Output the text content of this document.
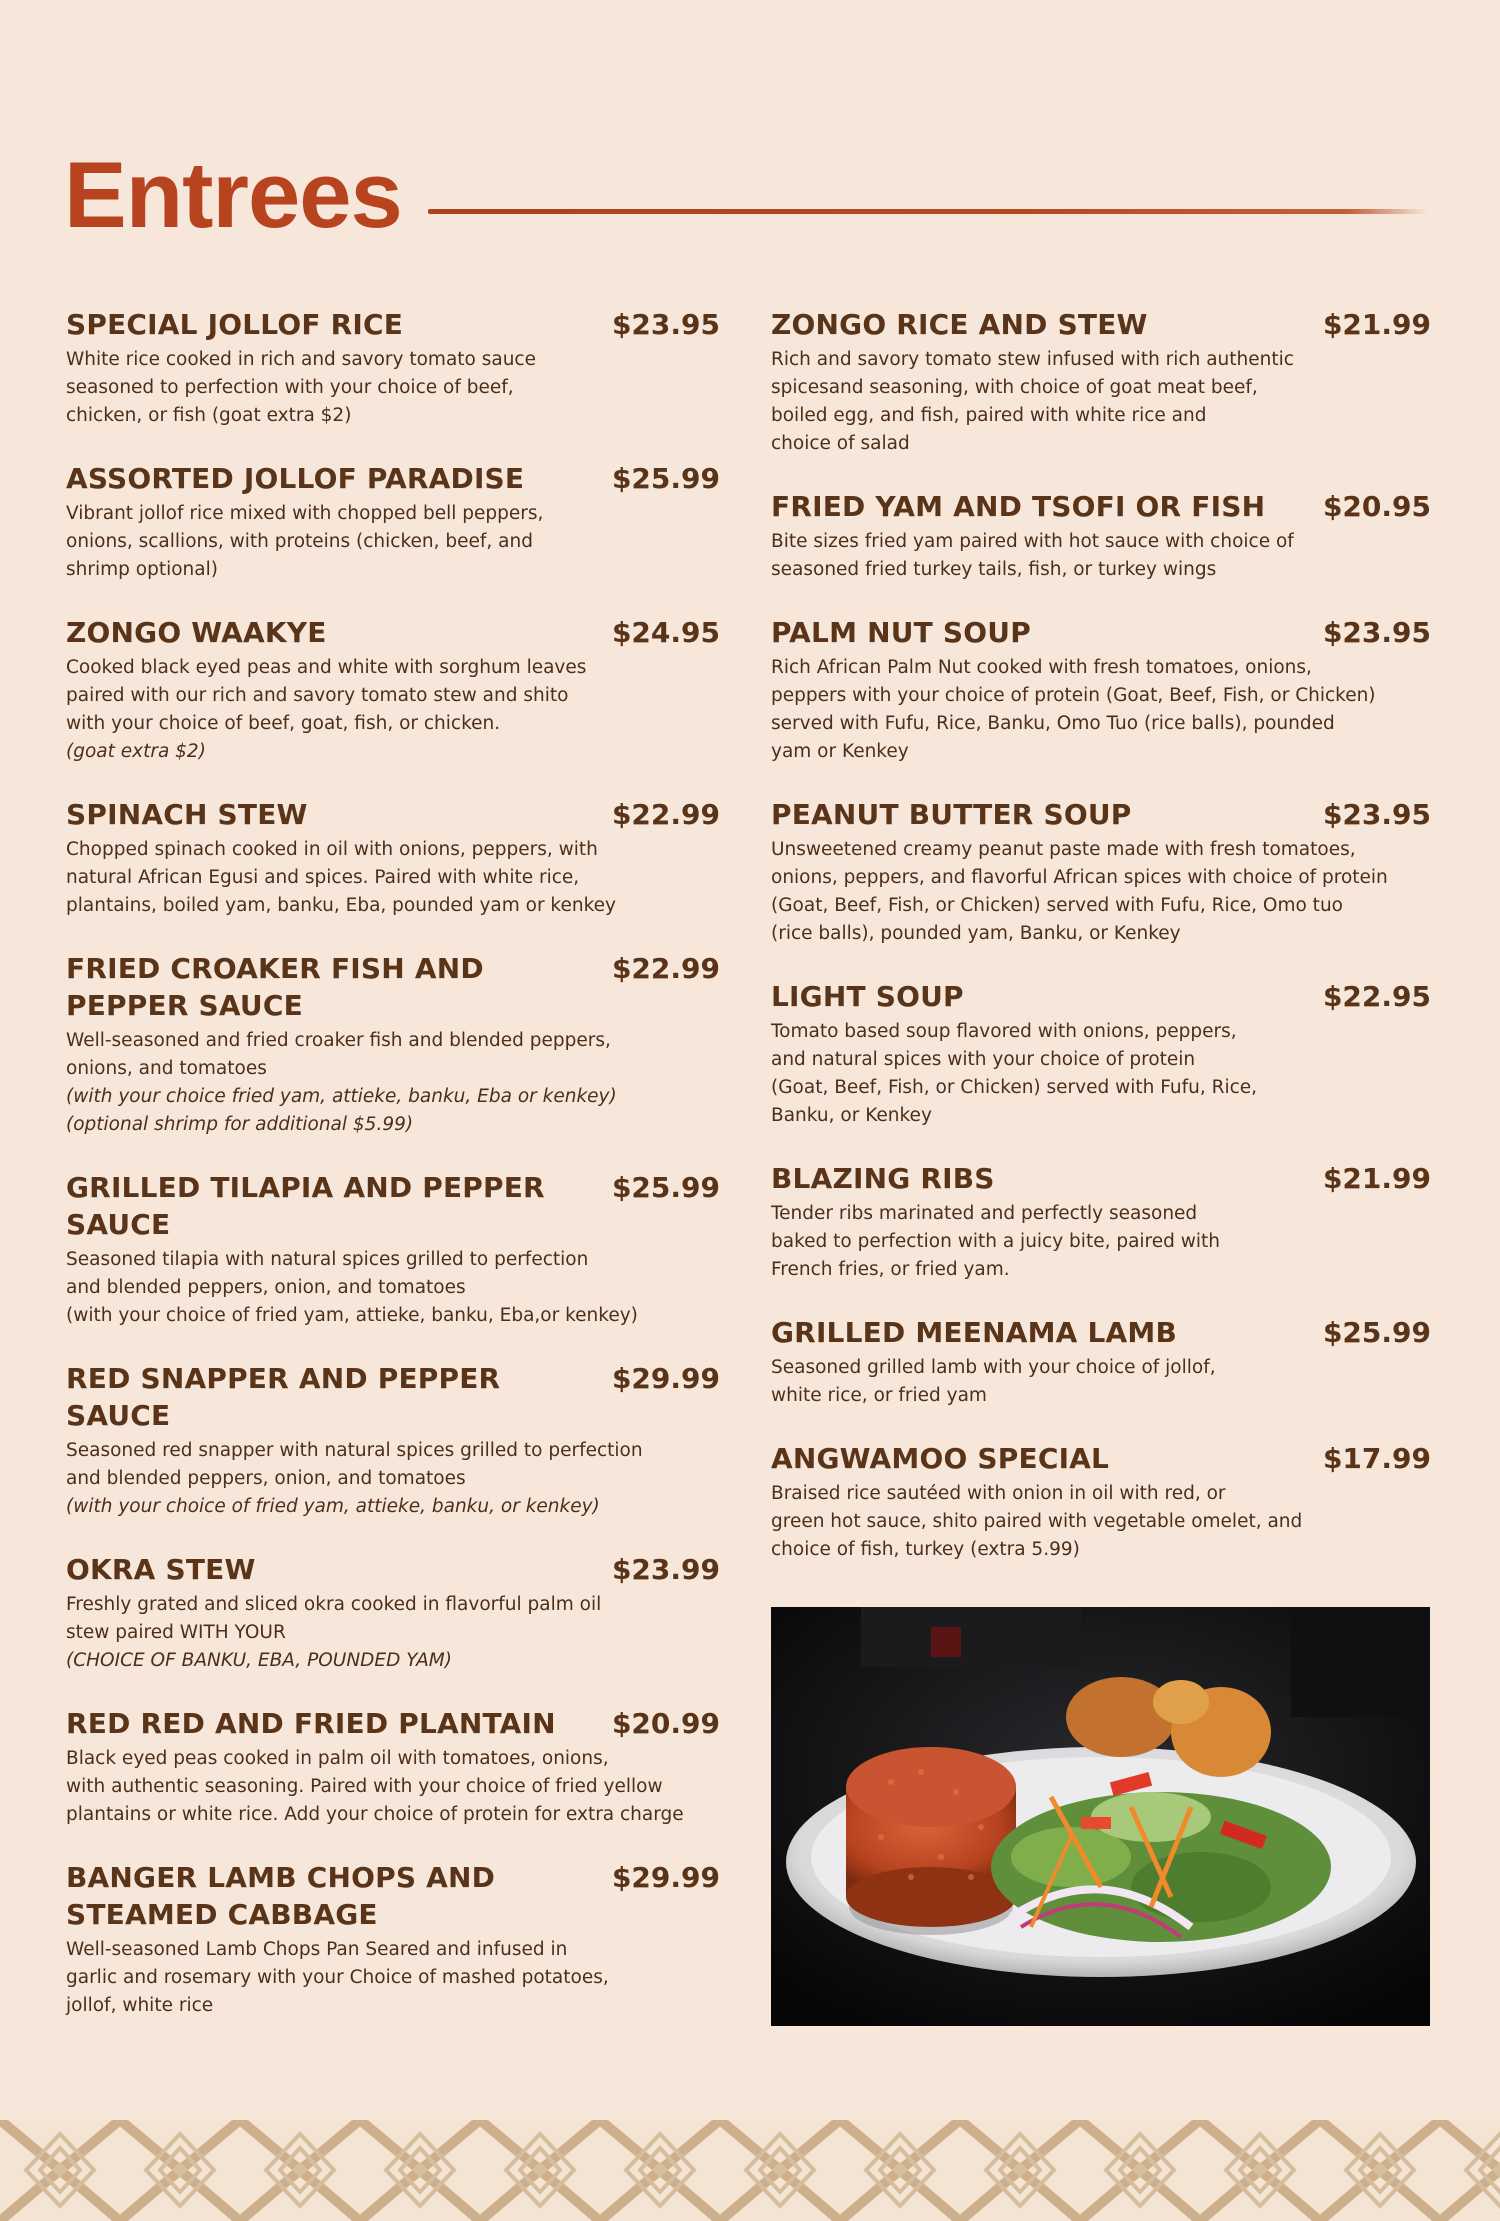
Entrees
SPECIAL JOLLOF RICE	$23.95

White rice cooked in rich and savory tomato sauce
seasoned to perfection with your choice of beef,
chicken, or fish (goat extra $2)

ASSORTED JOLLOF PARADISE	$25.99

Vibrant jollof rice mixed with chopped bell peppers,
onions, scallions, with proteins (chicken, beef, and
shrimp optional)

ZONGO WAAKYE	$24.95

Cooked black eyed peas and white with sorghum leaves
paired with our rich and savory tomato stew and shito
with your choice of beef, goat, fish, or chicken.

(goat extra $2)

SPINACH STEW	$22.99

Chopped spinach cooked in oil with onions, peppers, with
natural African Egusi and spices. Paired with white rice,
plantains, boiled yam, banku, Eba, pounded yam or kenkey

FRIED CROAKER FISH AND PEPPER SAUCE
$22.99

Well-seasoned and fried croaker fish and blended peppers,
onions, and tomatoes

(with your choice fried yam, attieke, banku, Eba or kenkey)
(optional shrimp for additional $5.99)

GRILLED TILAPIA AND PEPPER SAUCE
$25.99

Seasoned tilapia with natural spices grilled to perfection
and blended peppers, onion, and tomatoes
(with your choice of fried yam, attieke, banku, Eba,or kenkey)

RED SNAPPER AND PEPPER SAUCE
$29.99

Seasoned red snapper with natural spices grilled to perfection
and blended peppers, onion, and tomatoes

(with your choice of fried yam, attieke, banku, or kenkey)

OKRA STEW	$23.99

Freshly grated and sliced okra cooked in flavorful palm oil
stew paired WITH YOUR

(CHOICE OF BANKU, EBA, POUNDED YAM)

RED RED AND FRIED PLANTAIN $20.99

Black eyed peas cooked in palm oil with tomatoes, onions,
with authentic seasoning. Paired with your choice of fried yellow
plantains or white rice. Add your choice of protein for extra charge

BANGER LAMB CHOPS AND STEAMED CABBAGE
$29.99

Well-seasoned Lamb Chops Pan Seared and infused in
garlic and rosemary with your Choice of mashed potatoes,
jollof, white rice

ZONGO RICE AND STEW	$21.99

Rich and savory tomato stew infused with rich authentic
spicesand seasoning, with choice of goat meat beef,
boiled egg, and fish, paired with white rice and
choice of salad

FRIED YAM AND TSOFI OR FISH $20.95

Bite sizes fried yam paired with hot sauce with choice of
seasoned fried turkey tails, fish, or turkey wings

PALM NUT SOUP	$23.95

Rich African Palm Nut cooked with fresh tomatoes, onions,
peppers with your choice of protein (Goat, Beef, Fish, or Chicken)
served with Fufu, Rice, Banku, Omo Tuo (rice balls), pounded
yam or Kenkey

PEANUT BUTTER SOUP	$23.95

Unsweetened creamy peanut paste made with fresh tomatoes,
onions, peppers, and flavorful African spices with choice of protein
(Goat, Beef, Fish, or Chicken) served with Fufu, Rice, Omo tuo
(rice balls), pounded yam, Banku, or Kenkey

LIGHT SOUP	$22.95

Tomato based soup flavored with onions, peppers,
and natural spices with your choice of protein
(Goat, Beef, Fish, or Chicken) served with Fufu, Rice,
Banku, or Kenkey

BLAZING RIBS	$21.99

Tender ribs marinated and perfectly seasoned
baked to perfection with a juicy bite, paired with
French fries, or fried yam.

GRILLED MEENAMA LAMB	$25.99

Seasoned grilled lamb with your choice of jollof,
white rice, or fried yam

ANGWAMOO SPECIAL	$17.99

Braised rice sautéed with onion in oil with red, or
green hot sauce, shito paired with vegetable omelet, and
choice of fish, turkey (extra 5.99)
